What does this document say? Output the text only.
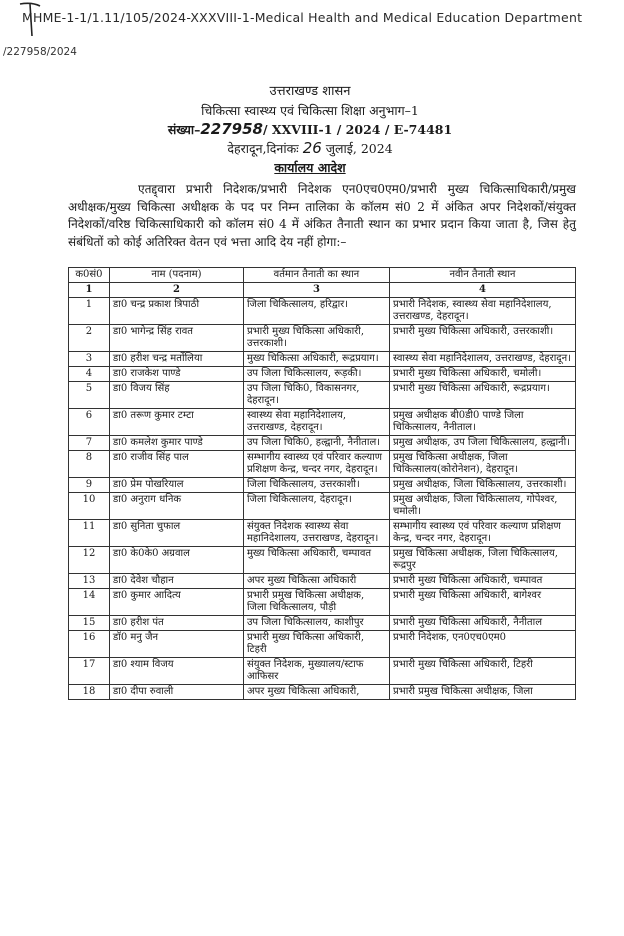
MHME-1-1/1.11/105/2024-XXXVIII-1-Medical Health and Medical Education Department
/227958/2024
उत्तराखण्ड शासन
चिकित्सा स्वास्थ्य एवं चिकित्सा शिक्षा अनुभाग–1
संख्या–227958/ XXVIII-1 / 2024 / E-74481
देहरादून,दिनांकः 26 जुलाई, 2024
कार्यालय आदेश
एतद्द्वारा प्रभारी निदेशक/प्रभारी निदेशक एन0एच0एम0/प्रभारी मुख्य चिकित्साधिकारी/प्रमुख अधीक्षक/मुख्य चिकित्सा अधीक्षक के पद पर निम्न तालिका के कॉलम सं0 2 में अंकित अपर निदेशकों/संयुक्त निदेशकों/वरिष्ठ चिकित्साधिकारी को कॉलम सं0 4 में अंकित तैनाती स्थान का प्रभार प्रदान किया जाता है, जिस हेतु संबंधितों को कोई अतिरिक्त वेतन एवं भत्ता आदि देय नहीं होगा:–
क0सं0	नाम (पदनाम)	वर्तमान तैनाती का स्थान	नवीन तैनाती स्थान
1	2	3	4
1	डा0 चन्द्र प्रकाश त्रिपाठी	जिला चिकित्सालय, हरिद्वार।	प्रभारी निदेशक, स्वास्थ्य सेवा महानिदेशालय, उत्तराखण्ड, देहरादून।
2	डा0 भागेन्द्र सिंह रावत	प्रभारी मुख्य चिकित्सा अधिकारी, उत्तरकाशी।	प्रभारी मुख्य चिकित्सा अधिकारी, उत्तरकाशी।
3	डा0 हरीश चन्द्र मर्तोलिया	मुख्य चिकित्सा अधिकारी, रूद्रप्रयाग।	स्वास्थ्य सेवा महानिदेशालय, उत्तराखण्ड, देहरादून।
4	डा0 राजकेश पाण्डे	उप जिला चिकित्सालय, रूड़की।	प्रभारी मुख्य चिकित्सा अधिकारी, चमोली।
5	डा0 विजय सिंह	उप जिला चिकि0, विकासनगर, देहरादून।	प्रभारी मुख्य चिकित्सा अधिकारी, रूद्रप्रयाग।
6	डा0 तरूण कुमार टम्टा	स्वास्थ्य सेवा महानिदेशालय, उत्तराखण्ड, देहरादून।	प्रमुख अधीक्षक बी0डी0 पाण्डे जिला चिकित्सालय, नैनीताल।
7	डा0 कमलेश कुमार पाण्डे	उप जिला चिकि0, हल्द्वानी, नैनीताल।	प्रमुख अधीक्षक, उप जिला चिकित्सालय, हल्द्वानी।
8	डा0 राजीव सिंह पाल	सम्भागीय स्वास्थ्य एवं परिवार कल्याण प्रशिक्षण केन्द्र, चन्दर नगर, देहरादून।	प्रमुख चिकित्सा अधीक्षक, जिला चिकित्सालय(कोरोनेशन), देहरादून।
9	डा0 प्रेम पोखरियाल	जिला चिकित्सालय, उत्तरकाशी।	प्रमुख अधीक्षक, जिला चिकित्सालय, उत्तरकाशी।
10	डा0 अनुराग धनिक	जिला चिकित्सालय, देहरादून।	प्रमुख अधीक्षक, जिला चिकित्सालय, गोपेश्वर, चमोली।
11	डा0 सुनिता चुफाल	संयुक्त निदेशक स्वास्थ्य सेवा महानिदेशालय, उत्तराखण्ड, देहरादून।	सम्भागीय स्वास्थ्य एवं परिवार कल्याण प्रशिक्षण केन्द्र, चन्दर नगर, देहरादून।
12	डा0 के0के0 अग्रवाल	मुख्य चिकित्सा अधिकारी, चम्पावत	प्रमुख चिकित्सा अधीक्षक, जिला चिकित्सालय, रूद्रपुर
13	डा0 देवेश चौहान	अपर मुख्य चिकित्सा अधिकारी	प्रभारी मुख्य चिकित्सा अधिकारी, चम्पावत
14	डा0 कुमार आदित्य	प्रभारी प्रमुख चिकित्सा अधीक्षक, जिला चिकित्सालय, पौड़ी	प्रभारी मुख्य चिकित्सा अधिकारी, बागेश्वर
15	डा0 हरीश पंत	उप जिला चिकित्सालय, काशीपुर	प्रभारी मुख्य चिकित्सा अधिकारी, नैनीताल
16	डॉ0 मनु जैन	प्रभारी मुख्य चिकित्सा अधिकारी, टिहरी	प्रभारी निदेशक, एन0एच0एम0
17	डा0 श्याम विजय	संयुक्त निदेशक, मुख्यालय/स्टाफ आफिसर	प्रभारी मुख्य चिकित्सा अधिकारी, टिहरी
18	डा0 दीपा रुवाली	अपर मुख्य चिकित्सा अधिकारी,	प्रभारी प्रमुख चिकित्सा अधीक्षक, जिला
